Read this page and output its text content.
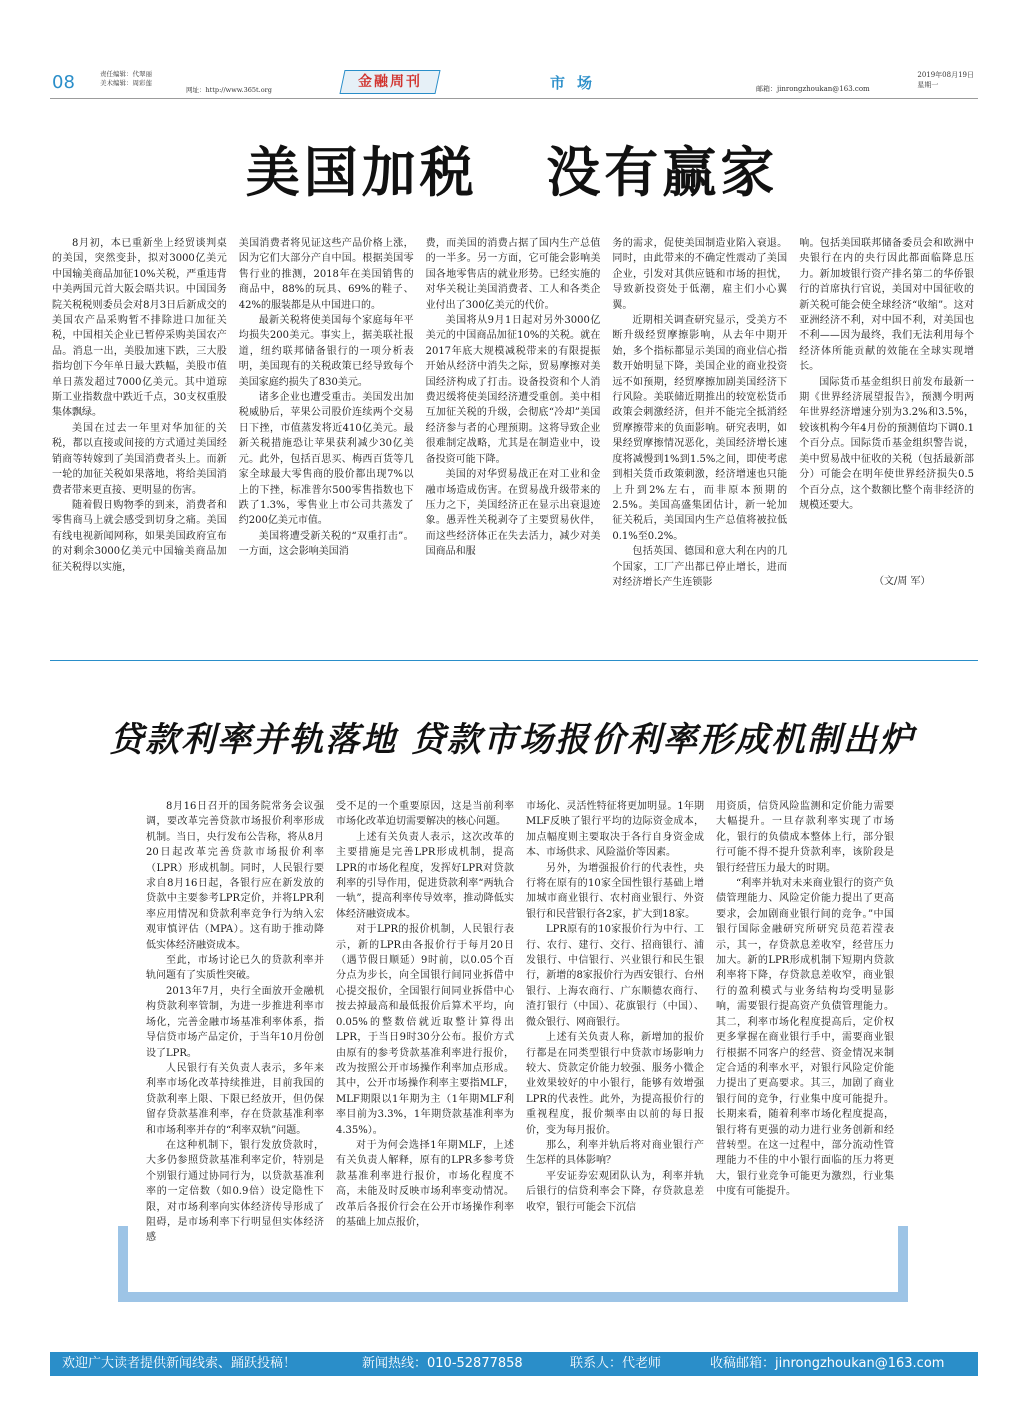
08	责任编辑：代翠丽
美术编辑：周彩莲
网址：http://www.365t.org	金融周刊	市场	邮箱：jinrongzhoukan@163.com
2019年08月19日
星期一
美国加税   没有赢家

8月初，本已重新坐上经贸谈判桌的美国，突然变卦，拟对3000亿美元中国输美商品加征10%关税，严重违背中美两国元首大阪会晤共识。中国国务院关税税则委员会对8月3日后新成交的美国农产品采购暂不排除进口加征关税，中国相关企业已暂停采购美国农产品。消息一出，美股加速下跌，三大股指均创下今年单日最大跌幅，美股市值单日蒸发超过7000亿美元。其中道琼斯工业指数盘中跌近千点，30支权重股集体飘绿。

美国在过去一年里对华加征的关税，都以直接或间接的方式通过美国经销商等转嫁到了美国消费者头上。而新一轮的加征关税如果落地，将给美国消费者带来更直接、更明显的伤害。

随着假日购物季的到来，消费者和零售商马上就会感受到切身之痛。美国有线电视新闻网称，如果美国政府宣布的对剩余3000亿美元中国输美商品加征关税得以实施，

美国消费者将见证这些产品价格上涨，因为它们大部分产自中国。根据美国零售行业的推测，2018年在美国销售的商品中，88%的玩具、69%的鞋子、42%的服装都是从中国进口的。

最新关税将使美国每个家庭每年平均损失200美元。事实上，据美联社报道，纽约联邦储备银行的一项分析表明，美国现有的关税政策已经导致每个美国家庭约损失了830美元。

诸多企业也遭受重击。美国发出加税威胁后，苹果公司股价连续两个交易日下挫，市值蒸发将近410亿美元。最新关税措施恐让苹果获利减少30亿美元。此外，包括百思买、梅西百货等几家全球最大零售商的股价都出现7%以上的下挫，标准普尔500零售指数也下跌了1.3%，零售业上市公司共蒸发了约200亿美元市值。

美国将遭受新关税的“双重打击”。一方面，这会影响美国消

费，而美国的消费占据了国内生产总值的一半多。另一方面，它可能会影响美国各地零售店的就业形势。已经实施的对华关税让美国消费者、工人和各类企业付出了300亿美元的代价。

美国将从9月1日起对另外3000亿美元的中国商品加征10%的关税。就在2017年底大规模减税带来的有限提振开始从经济中消失之际，贸易摩擦对美国经济构成了打击。设备投资和个人消费迟缓将使美国经济遭受重创。美中相互加征关税的升级，会彻底“冷却”美国经济参与者的心理预期。这将导致企业很难制定战略，尤其是在制造业中，设备投资可能下降。

美国的对华贸易战正在对工业和金融市场造成伤害。在贸易战升级带来的压力之下，美国经济正在显示出衰退迹象。愚弄性关税剥夺了主要贸易伙伴，而这些经济体正在失去活力，减少对美国商品和服

务的需求，促使美国制造业陷入衰退。同时，由此带来的不确定性震动了美国企业，引发对其供应链和市场的担忧，导致新投资处于低潮，雇主们小心翼翼。

近期相关调查研究显示，受美方不断升级经贸摩擦影响，从去年中期开始，多个指标都显示美国的商业信心指数开始明显下降，美国企业的商业投资远不如预期，经贸摩擦加剧美国经济下行风险。美联储近期推出的较宽松货币政策会刺激经济，但并不能完全抵消经贸摩擦带来的负面影响。研究表明，如果经贸摩擦情况恶化，美国经济增长速度将减慢到1%到1.5%之间，即使考虑到相关货币政策刺激，经济增速也只能上升到2%左右，而非原本预期的2.5%。美国高盛集团估计，新一轮加征关税后，美国国内生产总值将被拉低0.1%至0.2%。

包括英国、德国和意大利在内的几个国家，工厂产出都已停止增长，进而对经济增长产生连锁影

响。包括美国联邦储备委员会和欧洲中央银行在内的央行因此都面临降息压力。新加坡银行资产排名第二的华侨银行的首席执行官说，美国对中国征收的新关税可能会使全球经济“收缩”。这对亚洲经济不利，对中国不利，对美国也不利——因为最终，我们无法利用每个经济体所能贡献的效能在全球实现增长。

国际货币基金组织日前发布最新一期《世界经济展望报告》，预测今明两年世界经济增速分别为3.2%和3.5%，较该机构今年4月份的预测值均下调0.1个百分点。国际货币基金组织警告说，美中贸易战中征收的关税（包括最新部分）可能会在明年使世界经济损失0.5个百分点，这个数额比整个南非经济的规模还要大。

（文/周 军）
贷款利率并轨落地 贷款市场报价利率形成机制出炉

8月16日召开的国务院常务会议强调，要改革完善贷款市场报价利率形成机制。当日，央行发布公告称，将从8月20日起改革完善贷款市场报价利率（LPR）形成机制。同时，人民银行要求自8月16日起，各银行应在新发放的贷款中主要参考LPR定价，并将LPR利率应用情况和贷款利率竞争行为纳入宏观审慎评估（MPA）。这有助于推动降低实体经济融资成本。

至此，市场讨论已久的贷款利率并轨问题有了实质性突破。

2013年7月，央行全面放开金融机构贷款利率管制，为进一步推进利率市场化，完善金融市场基准利率体系，指导信贷市场产品定价，于当年10月份创设了LPR。

人民银行有关负责人表示，多年来利率市场化改革持续推进，目前我国的贷款利率上限、下限已经放开，但仍保留存贷款基准利率，存在贷款基准利率和市场利率并存的“利率双轨”问题。

在这种机制下，银行发放贷款时，大多仍参照贷款基准利率定价，特别是个别银行通过协同行为，以贷款基准利率的一定倍数（如0.9倍）设定隐性下限，对市场利率向实体经济传导形成了阻碍，是市场利率下行明显但实体经济感

受不足的一个重要原因，这是当前利率市场化改革迫切需要解决的核心问题。

上述有关负责人表示，这次改革的主要措施是完善LPR形成机制，提高LPR的市场化程度，发挥好LPR对贷款利率的引导作用，促进贷款利率“两轨合一轨”，提高利率传导效率，推动降低实体经济融资成本。

对于LPR的报价机制，人民银行表示，新的LPR由各报价行于每月20日（遇节假日顺延）9时前，以0.05个百分点为步长，向全国银行间同业拆借中心提交报价，全国银行间同业拆借中心按去掉最高和最低报价后算术平均，向0.05%的整数倍就近取整计算得出LPR，于当日9时30分公布。报价方式由原有的参考贷款基准利率进行报价，改为按照公开市场操作利率加点形成。其中，公开市场操作利率主要指MLF，MLF期限以1年期为主（1年期MLF利率目前为3.3%，1年期贷款基准利率为4.35%）。

对于为何会选择1年期MLF，上述有关负责人解释，原有的LPR多参考贷款基准利率进行报价，市场化程度不高，未能及时反映市场利率变动情况。改革后各报价行会在公开市场操作利率的基础上加点报价，

市场化、灵活性特征将更加明显。1年期MLF反映了银行平均的边际资金成本，加点幅度则主要取决于各行自身资金成本、市场供求、风险溢价等因素。

另外，为增强报价行的代表性，央行将在原有的10家全国性银行基础上增加城市商业银行、农村商业银行、外资银行和民营银行各2家，扩大到18家。

LPR原有的10家报价行为中行、工行、农行、建行、交行、招商银行、浦发银行、中信银行、兴业银行和民生银行，新增的8家报价行为西安银行、台州银行、上海农商行、广东顺德农商行、渣打银行（中国）、花旗银行（中国）、微众银行、网商银行。

上述有关负责人称，新增加的报价行都是在同类型银行中贷款市场影响力较大、贷款定价能力较强、服务小微企业效果较好的中小银行，能够有效增强LPR的代表性。此外，为提高报价行的重视程度，报价频率由以前的每日报价，变为每月报价。

那么，利率并轨后将对商业银行产生怎样的具体影响？

平安证券宏观团队认为，利率并轨后银行的信贷利率会下降，存贷款息差收窄，银行可能会下沉信

用资质，信贷风险监测和定价能力需要大幅提升。一旦存款利率实现了市场化，银行的负债成本整体上行，部分银行可能不得不提升贷款利率，该阶段是银行经营压力最大的时期。

“利率并轨对未来商业银行的资产负债管理能力、风险定价能力提出了更高要求，会加剧商业银行间的竞争。”中国银行国际金融研究所研究员范若滢表示，其一，存贷款息差收窄，经营压力加大。新的LPR形成机制下短期内贷款利率将下降，存贷款息差收窄，商业银行的盈利模式与业务结构均受明显影响，需要银行提高资产负债管理能力。其二，利率市场化程度提高后，定价权更多掌握在商业银行手中，需要商业银行根据不同客户的经营、资金情况来制定合适的利率水平，对银行风险定价能力提出了更高要求。其三，加剧了商业银行间的竞争，行业集中度可能提升。长期来看，随着利率市场化程度提高，银行将有更强的动力进行业务创新和经营转型。在这一过程中，部分流动性管理能力不佳的中小银行面临的压力将更大，银行业竞争可能更为激烈，行业集中度有可能提升。

欢迎广大读者提供新闻线索、踊跃投稿！	新闻热线：010-52877858	联系人：代老师	收稿邮箱：jinrongzhoukan@163.com
